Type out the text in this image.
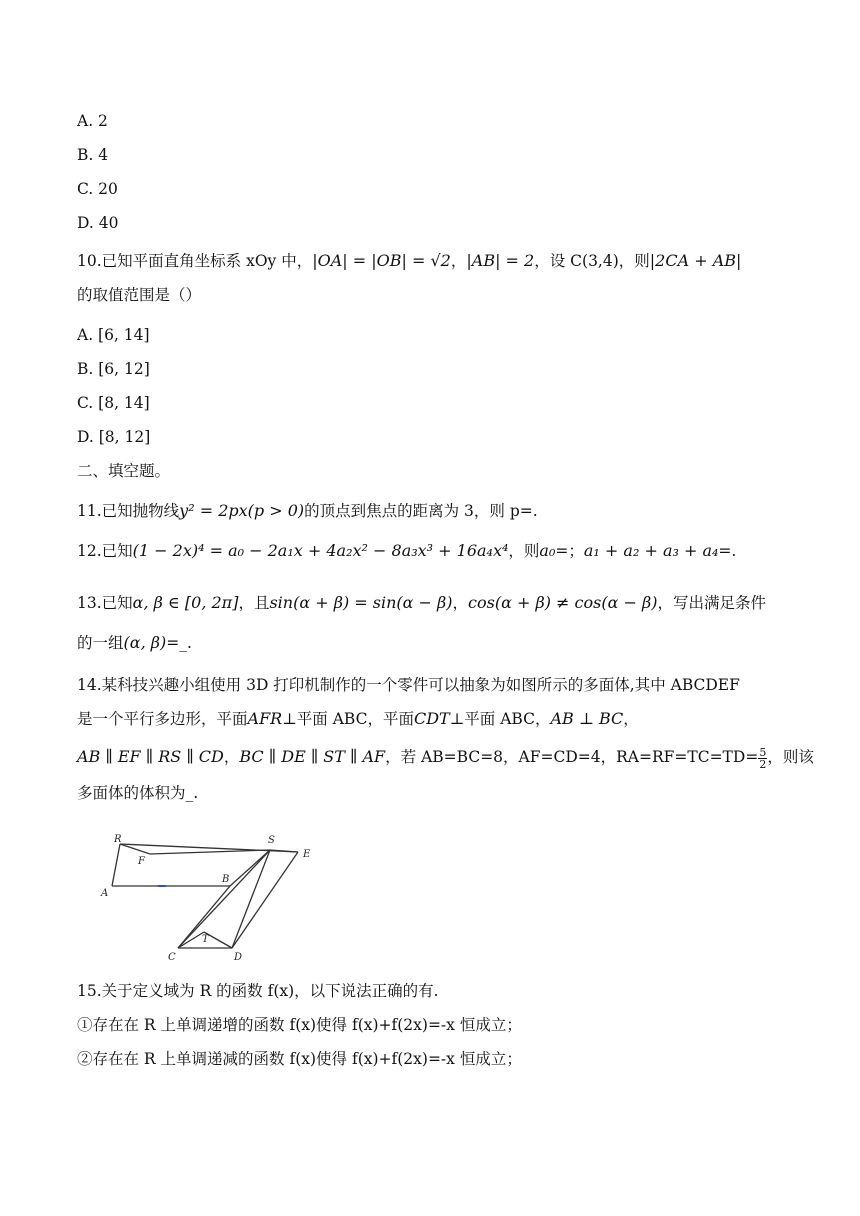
A. 2
B. 4
C. 20
D. 40
10.已知平面直角坐标系 xOy 中，|OA| = |OB| = √2，|AB| = 2，设 C(3,4)，则|2CA + AB|
的取值范围是（）
A. [6, 14]
B. [6, 12]
C. [8, 14]
D. [8, 12]
二、填空题。
11.已知抛物线y² = 2px(p > 0)的顶点到焦点的距离为 3，则 p=.
12.已知(1 − 2x)⁴ = a₀ − 2a₁x + 4a₂x² − 8a₃x³ + 16a₄x⁴，则a₀=；a₁ + a₂ + a₃ + a₄=.
13.已知α, β ∈ [0, 2π]，且sin(α + β) = sin(α − β)，cos(α + β) ≠ cos(α − β)，写出满足条件
的一组(α, β)=_.
14.某科技兴趣小组使用 3D 打印机制作的一个零件可以抽象为如图所示的多面体,其中 ABCDEF
是一个平行多边形，平面AFR⊥平面 ABC，平面CDT⊥平面 ABC，AB ⊥ BC，
AB ∥ EF ∥ RS ∥ CD，BC ∥ DE ∥ ST ∥ AF，若 AB=BC=8，AF=CD=4，$RA=RF=TC=TD= \frac{5}{2}$ ，则该
多面体的体积为_.
R
F
A
B
S
E
C
T
D
15.关于定义域为 R 的函数 f(x)，以下说法正确的有.
①存在在 R 上单调递增的函数 f(x)使得 f(x)+f(2x)=-x 恒成立；
②存在在 R 上单调递减的函数 f(x)使得 f(x)+f(2x)=-x 恒成立；
